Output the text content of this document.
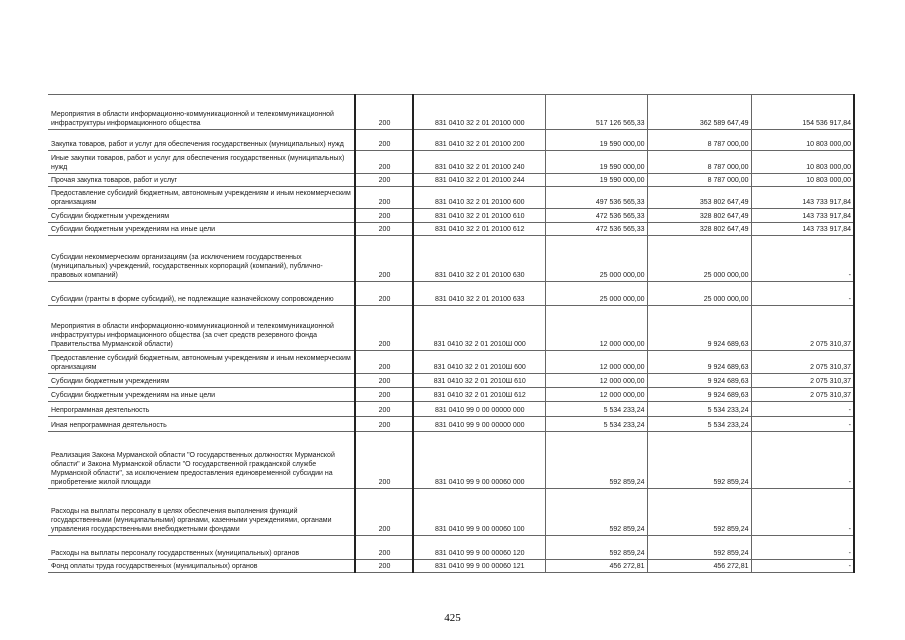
Мероприятия в области информационно-коммуникационной и телекоммуникационной инфраструктуры информационного общества	200	831 0410 32 2 01 20100 000	517 126 565,33	362 589 647,49	154 536 917,84
Закупка товаров, работ и услуг для обеспечения государственных (муниципальных) нужд	200	831 0410 32 2 01 20100 200	19 590 000,00	8 787 000,00	10 803 000,00
Иные закупки товаров, работ и услуг для обеспечения государственных (муниципальных) нужд	200	831 0410 32 2 01 20100 240	19 590 000,00	8 787 000,00	10 803 000,00
Прочая закупка товаров, работ и услуг	200	831 0410 32 2 01 20100 244	19 590 000,00	8 787 000,00	10 803 000,00
Предоставление субсидий бюджетным, автономным учреждениям и иным некоммерческим организациям	200	831 0410 32 2 01 20100 600	497 536 565,33	353 802 647,49	143 733 917,84
Субсидии бюджетным учреждениям	200	831 0410 32 2 01 20100 610	472 536 565,33	328 802 647,49	143 733 917,84
Субсидии бюджетным учреждениям на иные цели	200	831 0410 32 2 01 20100 612	472 536 565,33	328 802 647,49	143 733 917,84
Субсидии некоммерческим организациям (за исключением государственных (муниципальных) учреждений, государственных корпораций (компаний), публично-правовых компаний)	200	831 0410 32 2 01 20100 630	25 000 000,00	25 000 000,00	-
Субсидии (гранты в форме субсидий), не подлежащие казначейскому сопровождению	200	831 0410 32 2 01 20100 633	25 000 000,00	25 000 000,00	-
Мероприятия в области информационно-коммуникационной и телекоммуникационной инфраструктуры информационного общества (за счет средств резервного фонда Правительства Мурманской области)	200	831 0410 32 2 01 2010Ш 000	12 000 000,00	9 924 689,63	2 075 310,37
Предоставление субсидий бюджетным, автономным учреждениям и иным некоммерческим организациям	200	831 0410 32 2 01 2010Ш 600	12 000 000,00	9 924 689,63	2 075 310,37
Субсидии бюджетным учреждениям	200	831 0410 32 2 01 2010Ш 610	12 000 000,00	9 924 689,63	2 075 310,37
Субсидии бюджетным учреждениям на иные цели	200	831 0410 32 2 01 2010Ш 612	12 000 000,00	9 924 689,63	2 075 310,37
Непрограммная деятельность	200	831 0410 99 0 00 00000 000	5 534 233,24	5 534 233,24	-
Иная непрограммная деятельность	200	831 0410 99 9 00 00000 000	5 534 233,24	5 534 233,24	-
Реализация Закона Мурманской области "О государственных должностях Мурманской области" и Закона Мурманской области "О государственной гражданской службе Мурманской области", за исключением предоставления единовременной субсидии на приобретение жилой площади	200	831 0410 99 9 00 00060 000	592 859,24	592 859,24	-
Расходы на выплаты персоналу в целях обеспечения выполнения функций государственными (муниципальными) органами, казенными учреждениями, органами управления государственными внебюджетными фондами	200	831 0410 99 9 00 00060 100	592 859,24	592 859,24	-
Расходы на выплаты персоналу государственных (муниципальных) органов	200	831 0410 99 9 00 00060 120	592 859,24	592 859,24	-
Фонд оплаты труда государственных (муниципальных) органов	200	831 0410 99 9 00 00060 121	456 272,81	456 272,81	-
425
